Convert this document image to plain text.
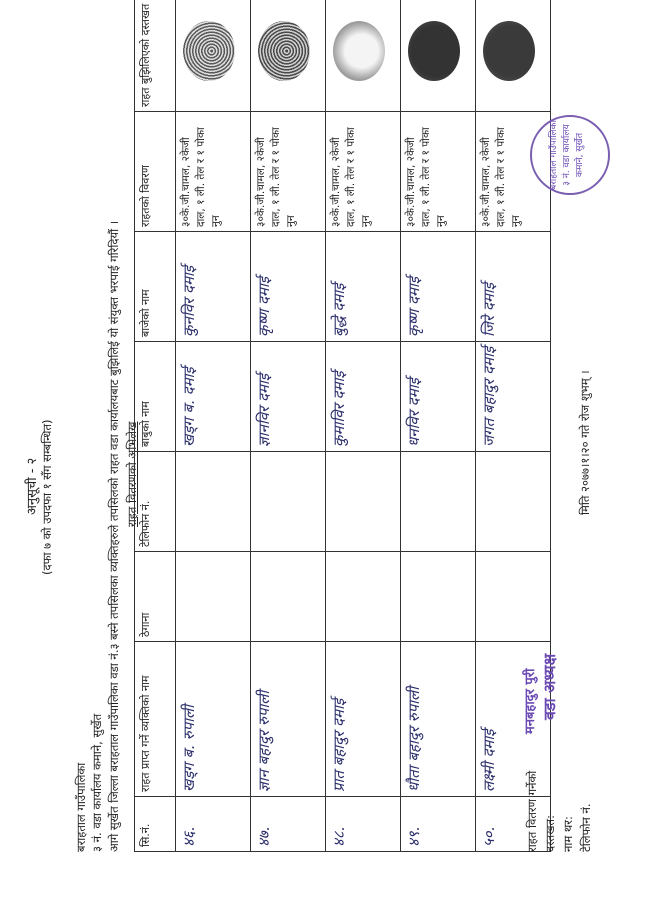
अनुसूची - २ (दफा ७ को उपदफा १ सँग सम्बन्धित)
बराहताल गाउँपालिका ३ नं. वडा कार्यालय कमाने, सुर्खेत आगे सुर्खेत जिल्ला बराहताल गाउँपालिका वडा नं.३ बस्ने तपसिलका व्यक्तिहरुले तपसिलको राहत वडा कार्यालयबाट बुझिलिई यो संयुक्त भरपाई गरिदियौं । राहत वितरणको अभिलेख
सि.नं.	राहत प्राप्त गर्ने व्यक्तिको नाम	ठेगाना	टेलिफोन नं.	बाबुको नाम	बाजेको नाम	राहतको विवरण	राहत बुझिलिएको दस्तखत
४६.	खड्ग ब. रुपाली			खड्ग ब. दमाई	कुनविर दमाई	३०के.जी.चामल, २केजी दाल, १ ली. तेल र १ पोका नुन	

४७.	ज्ञान बहादुर रुपाली			ज्ञानविर दमाई	कृष्ण दमाई	३०के.जी.चामल, २केजी दाल, १ ली. तेल र १ पोका नुन	

४८.	प्रात बहादुर दमाई			कुमाविर दमाई	बुद्धे दमाई	३०के.जी.चामल, २केजी दाल, १ ली. तेल र १ पोका नुन	

४९.	धौता बहादुर रुपाली			धनविर दमाई	कृष्ण दमाई	३०के.जी.चामल, २केजी दाल, १ ली. तेल र १ पोका नुन	

५०.	लक्ष्मी दमाई			जगत बहादुर दमाई	जिरे दमाई	३०के.जी.चामल, २केजी दाल, १ ली. तेल र १ पोका नुन	
राहत वितरण गर्नेको दस्तखत: नाम थर: टेलिफोन नं.
मनबहादुर पुरी वडा अध्यक्ष
मिति २०७७।१।२० गते रोज शुभम् ।
बराहताल गाउँपालिका ३ नं. वडा कार्यालय कमाने, सुर्खेत
